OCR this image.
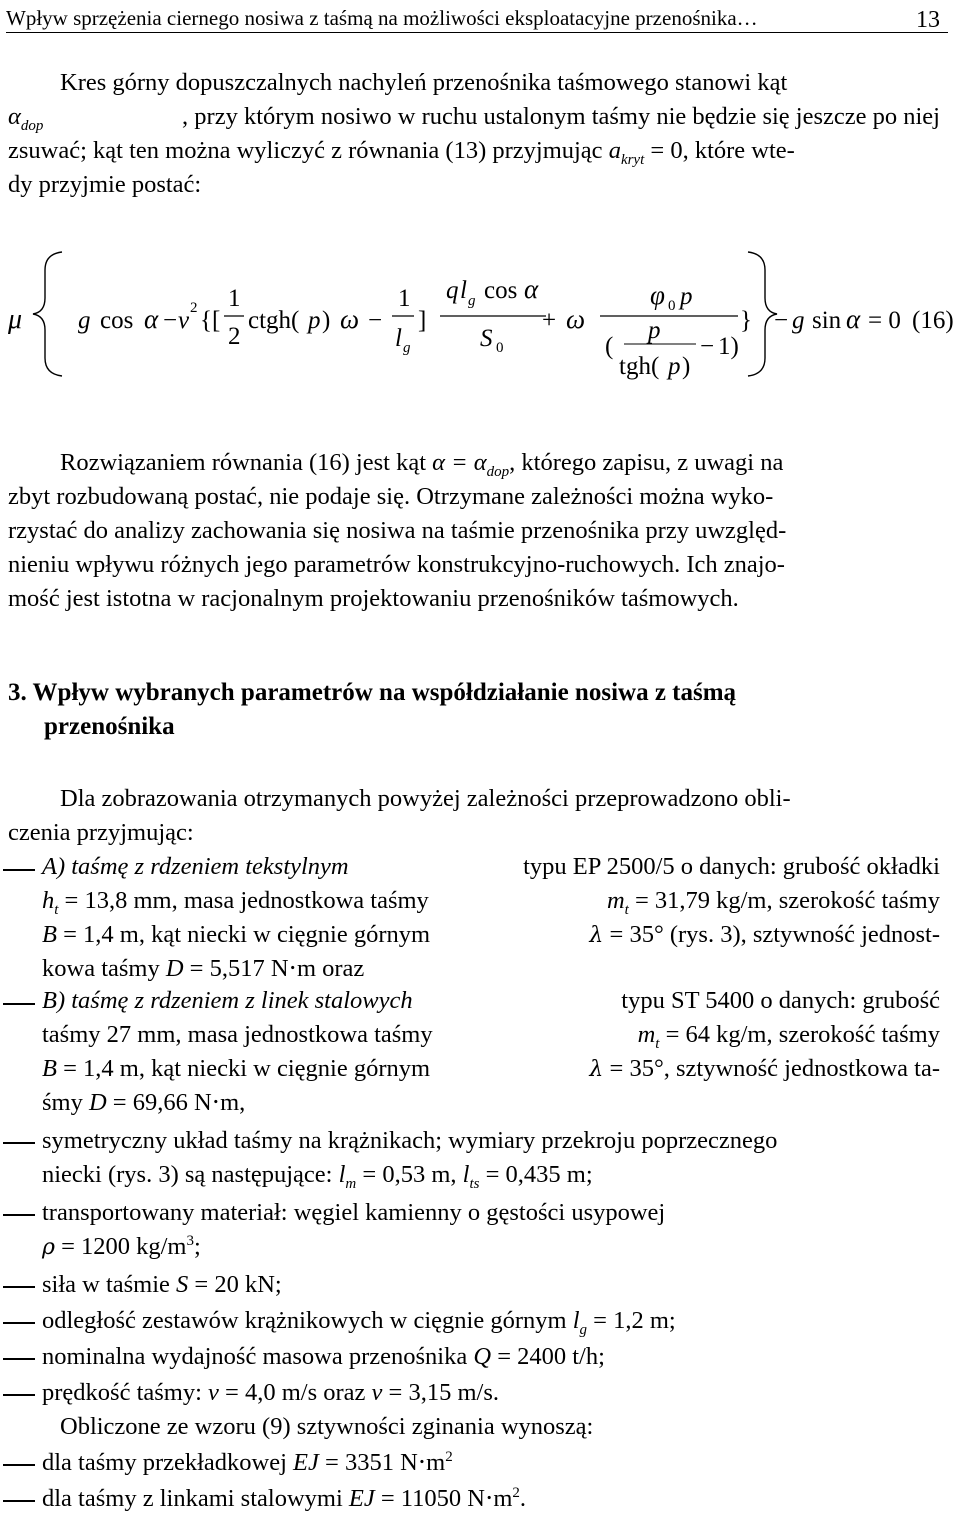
Wpływ sprzężenia ciernego nosiwa z taśmą na możliwości eksploatacyjne przenośnika…	13
Kres górny dopuszczalnych nachyleń przenośnika taśmowego stanowi kąt
$\alpha_{dop}$	, przy którym nosiwo w ruchu ustalonym taśmy nie będzie się jeszcze po niej
zsuwać; kąt ten można wyliczyć z równania (13) przyjmując $a_{kryt} = 0$, które wte-
dy przyjmie postać:
μ g cos α − v 2 {[
1
2
ctgh( p ) ω −
1
l g
]
q l g cos α
S 0
+ ω
φ 0 p
p
(	− 1)
tgh( p )
} − g sin α = 0 (16)
Rozwiązaniem równania (16) jest kąt $\alpha = \alpha_{dop}$, którego zapisu, z uwagi na
zbyt rozbudowaną postać, nie podaje się. Otrzymane zależności można wyko-
rzystać do analizy zachowania się nosiwa na taśmie przenośnika przy uwzględ-
nieniu wpływu różnych jego parametrów konstrukcyjno-ruchowych. Ich znajo-
mość jest istotna w racjonalnym projektowaniu przenośników taśmowych.
3. Wpływ wybranych parametrów na współdziałanie nosiwa z taśmą
przenośnika
Dla zobrazowania otrzymanych powyżej zależności przeprowadzono obli-
czenia przyjmując:
A) taśmę z rdzeniem tekstylnym	typu EP 2500/5 o danych: grubość okładki
$h_t = 13,8$ mm, masa jednostkowa taśmy	$m_t = 31,79$ kg/m, szerokość taśmy
B = 1,4 m, kąt niecki w cięgnie górnym	λ = 35° (rys. 3), sztywność jednost-
kowa taśmy D = 5,517 N⋅m oraz
B) taśmę z rdzeniem z linek stalowych	typu ST 5400 o danych: grubość
taśmy 27 mm, masa jednostkowa taśmy	$m_t = 64$ kg/m, szerokość taśmy
B = 1,4 m, kąt niecki w cięgnie górnym	λ = 35°, sztywność jednostkowa ta-
śmy D = 69,66 N⋅m,
symetryczny układ taśmy na krążnikach; wymiary przekroju poprzecznego
niecki (rys. 3) są następujące: $l_m = 0,53$ m, $l_{ts} = 0,435$ m;
transportowany materiał: węgiel kamienny o gęstości usypowej
ρ = 1200 $kg/m^3$;
siła w taśmie S = 20 kN;
odległość zestawów krążnikowych w cięgnie górnym $l_g = 1,2$ m;
nominalna wydajność masowa przenośnika Q = 2400 t/h;
prędkość taśmy: v = 4,0 m/s oraz v = 3,15 m/s.
Obliczone ze wzoru (9) sztywności zginania wynoszą:
dla taśmy przekładkowej EJ = 3351 $N\cdot m^2$
dla taśmy z linkami stalowymi EJ = 11050 $N\cdot m^2$.
